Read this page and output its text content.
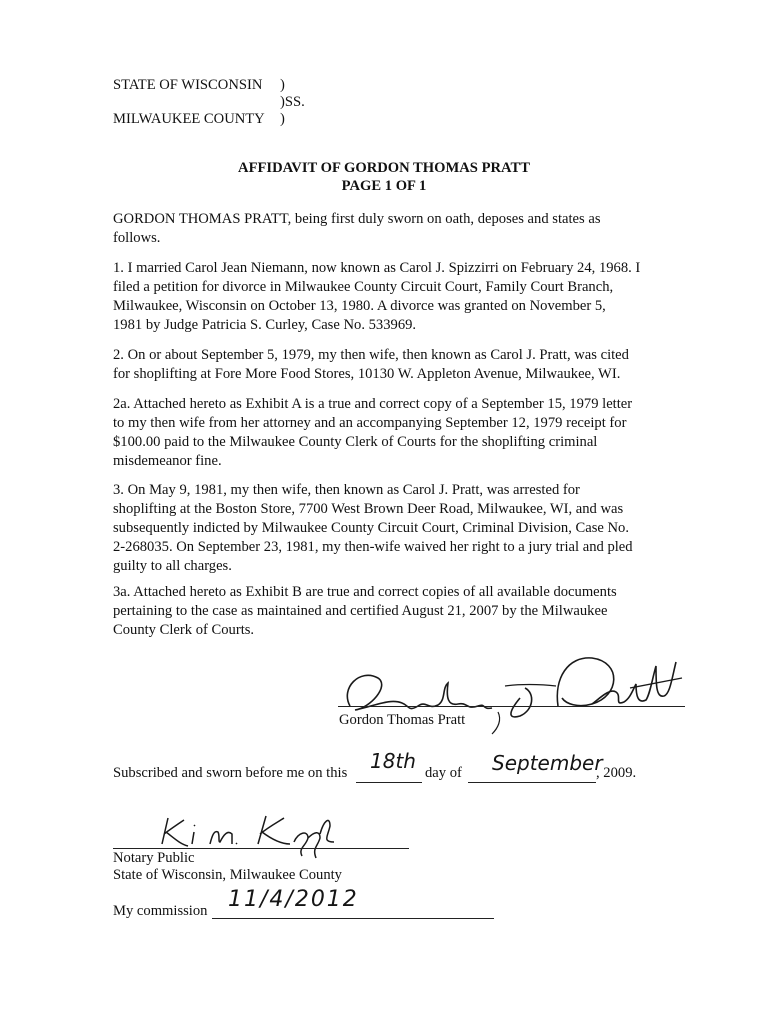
STATE OF WISCONSIN )
)SS.
MILWAUKEE COUNTY )
AFFIDAVIT OF GORDON THOMAS PRATT
PAGE 1 OF 1
GORDON THOMAS PRATT, being first duly sworn on oath, deposes and states as
follows.
1. I married Carol Jean Niemann, now known as Carol J. Spizzirri on February 24, 1968. I
filed a petition for divorce in Milwaukee County Circuit Court, Family Court Branch,
Milwaukee, Wisconsin on October 13, 1980. A divorce was granted on November 5,
1981 by Judge Patricia S. Curley, Case No. 533969.
2. On or about September 5, 1979, my then wife, then known as Carol J. Pratt, was cited
for shoplifting at Fore More Food Stores, 10130 W. Appleton Avenue, Milwaukee, WI.
2a. Attached hereto as Exhibit A is a true and correct copy of a September 15, 1979 letter
to my then wife from her attorney and an accompanying September 12, 1979 receipt for
$100.00 paid to the Milwaukee County Clerk of Courts for the shoplifting criminal
misdemeanor fine.
3. On May 9, 1981, my then wife, then known as Carol J. Pratt, was arrested for
shoplifting at the Boston Store, 7700 West Brown Deer Road, Milwaukee, WI, and was
subsequently indicted by Milwaukee County Circuit Court, Criminal Division, Case No.
2-268035. On September 23, 1981, my then-wife waived her right to a jury trial and pled
guilty to all charges.
3a. Attached hereto as Exhibit B are true and correct copies of all available documents
pertaining to the case as maintained and certified August 21, 2007 by the Milwaukee
County Clerk of Courts.
Gordon Thomas Pratt
Subscribed and sworn before me on this 18th day of September
, 2009.
Notary Public
State of Wisconsin, Milwaukee County
My commission 11/4/2012
